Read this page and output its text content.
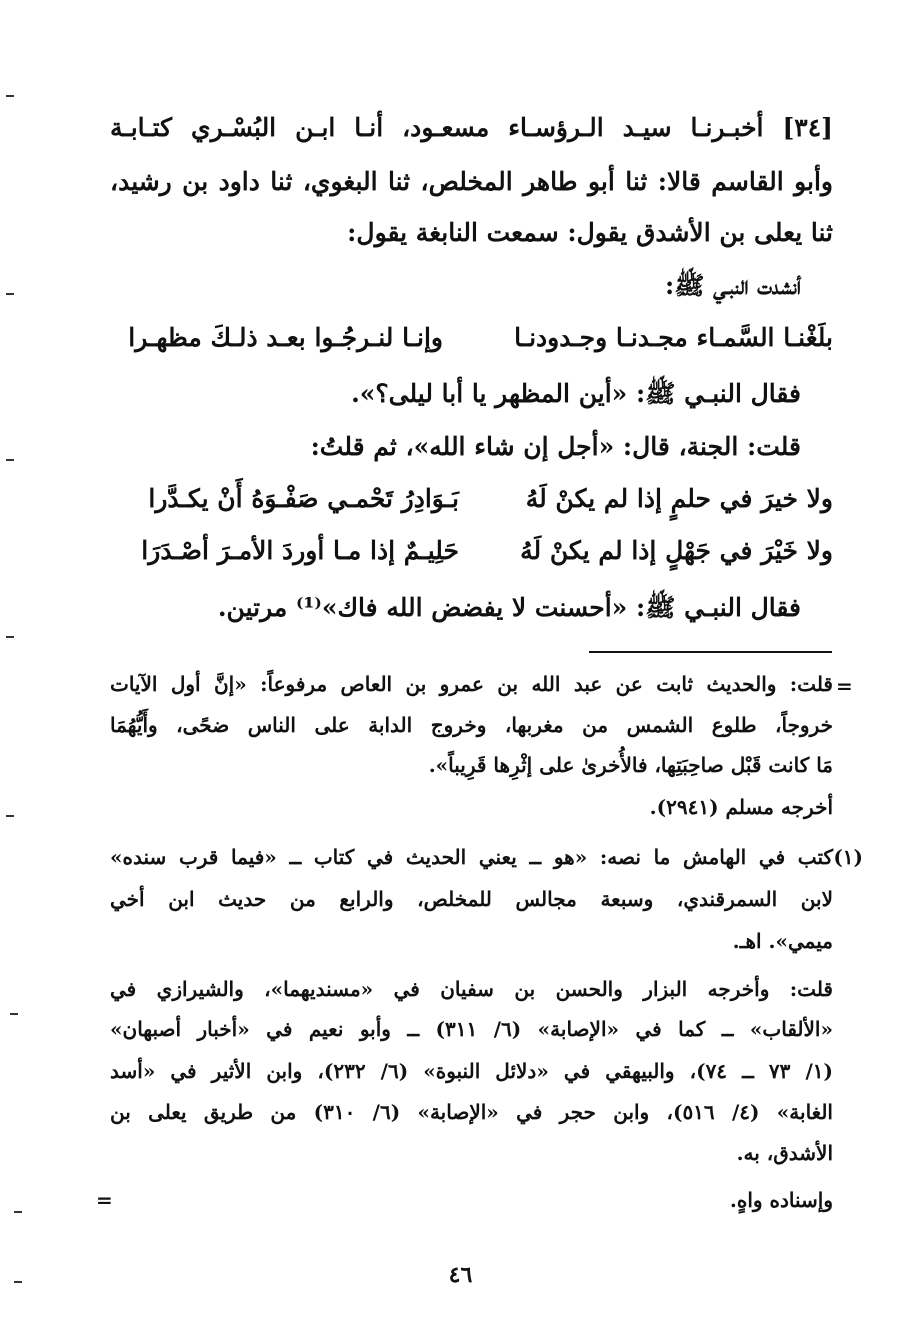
[٣٤] أخبـرنـا سيـد الـرؤسـاء مسعـود، أنـا ابـن البُسْـري كتـابـة
وأبو القاسم قالا: ثنا أبو طاهر المخلص، ثنا البغوي، ثنا داود بن رشيد،
ثنا يعلى بن الأشدق يقول: سمعت النابغة يقول:
أنشدت النبـي ﷺ:
بلَغْنـا السَّمـاء مجـدنـا وجـدودنـا
وإنـا لنـرجُـوا بعـد ذلـكَ مظهـرا
فقال النبـي ﷺ: «أين المظهر يا أبا ليلى؟».
قلت: الجنة، قال: «أجل إن شاء الله»، ثم قلتُ:
ولا خيرَ في حلمٍ إذا لم يكنْ لَهُ
بَـوَادِرُ تَحْمـي صَفْـوَهُ أَنْ يكـدَّرا
ولا خَيْرَ في جَهْلٍ إذا لم يكنْ لَهُ
حَلِيـمٌ إذا مـا أوردَ الأمـرَ أصْـدَرَا
فقال النبـي ﷺ: «أحسنت لا يفضض الله فاك»⁽¹⁾ مرتين.
=
قلت: والحديث ثابت عن عبد الله بن عمرو بن العاص مرفوعاً: «إنَّ أول الآيات
خروجاً، طلوع الشمس من مغربها، وخروج الدابة على الناس ضحًى، وأَيُّهُمَا
مَا كانت قَبْل صاحِبَتِها، فالأُخرىٰ على إثْرِها قَرِيباً».
أخرجه مسلم (٢٩٤١).
(١)
كتب في الهامش ما نصه: «هو ــ يعني الحديث في كتاب ــ «فيما قرب سنده»
لابن السمرقندي، وسبعة مجالس للمخلص، والرابع من حديث ابن أخي
ميمي». اهـ.
قلت: وأخرجه البزار والحسن بن سفيان في «مسنديهما»، والشيرازي في
«الألقاب» ــ كما في «الإصابة» (٦/ ٣١١) ــ وأبو نعيم في «أخبار أصبهان»
(١/ ٧٣ ــ ٧٤)، والبيهقي في «دلائل النبوة» (٦/ ٢٣٢)، وابن الأثير في «أسد
الغابة» (٤/ ٥١٦)، وابن حجر في «الإصابة» (٦/ ٣١٠) من طريق يعلى بن
الأشدق، به.
وإسناده واهٍ.
=
٤٦
